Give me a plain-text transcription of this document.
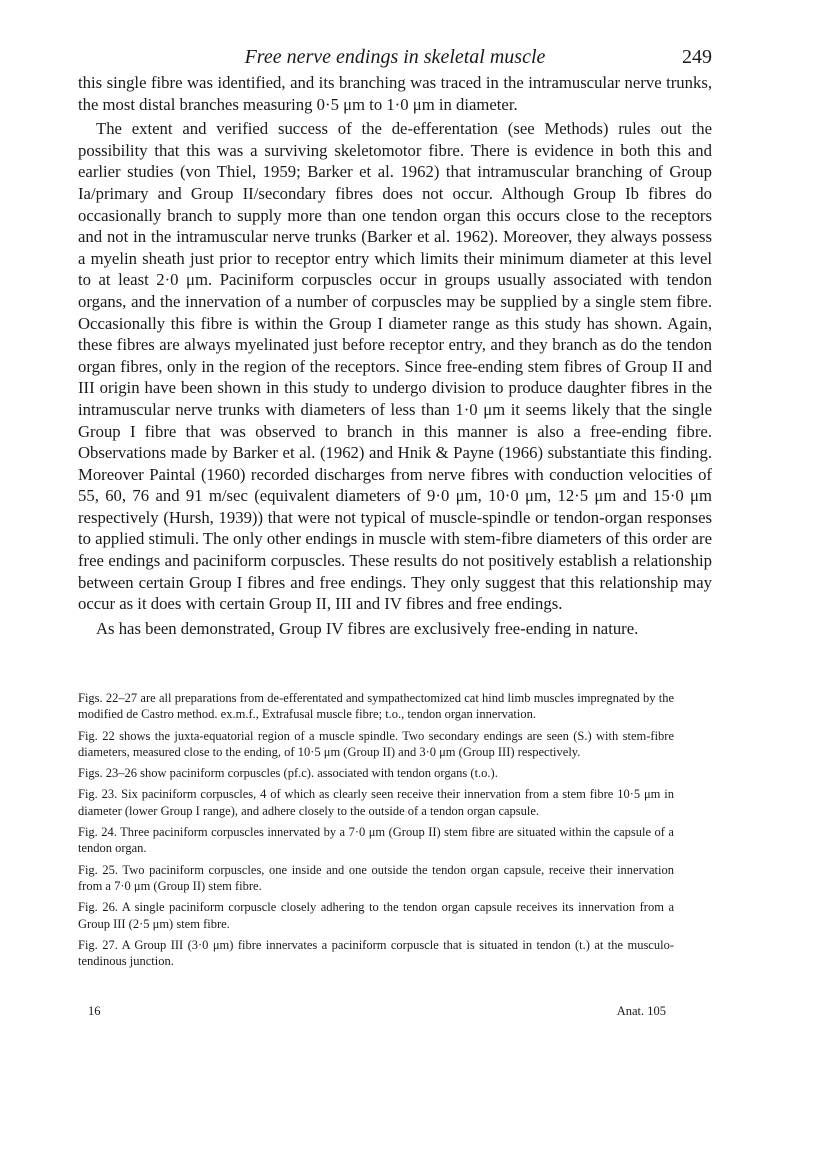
Free nerve endings in skeletal muscle	249

this single fibre was identified, and its branching was traced in the intramuscular nerve trunks, the most distal branches measuring 0·5 μm to 1·0 μm in diameter.

The extent and verified success of the de-efferentation (see Methods) rules out the possibility that this was a surviving skeletomotor fibre. There is evidence in both this and earlier studies (von Thiel, 1959; Barker et al. 1962) that intramuscular branching of Group Ia/primary and Group II/secondary fibres does not occur. Although Group Ib fibres do occasionally branch to supply more than one tendon organ this occurs close to the receptors and not in the intramuscular nerve trunks (Barker et al. 1962). Moreover, they always possess a myelin sheath just prior to receptor entry which limits their minimum diameter at this level to at least 2·0 μm. Paciniform corpuscles occur in groups usually associated with tendon organs, and the innervation of a number of corpuscles may be supplied by a single stem fibre. Occasionally this fibre is within the Group I diameter range as this study has shown. Again, these fibres are always myelinated just before receptor entry, and they branch as do the tendon organ fibres, only in the region of the receptors. Since free-ending stem fibres of Group II and III origin have been shown in this study to undergo division to produce daughter fibres in the intramuscular nerve trunks with diameters of less than 1·0 μm it seems likely that the single Group I fibre that was observed to branch in this manner is also a free-ending fibre. Observations made by Barker et al. (1962) and Hnik & Payne (1966) substantiate this finding. Moreover Paintal (1960) recorded discharges from nerve fibres with conduction velocities of 55, 60, 76 and 91 m/sec (equivalent diameters of 9·0 μm, 10·0 μm, 12·5 μm and 15·0 μm respectively (Hursh, 1939)) that were not typical of muscle-spindle or tendon-organ responses to applied stimuli. The only other endings in muscle with stem-fibre diameters of this order are free endings and paciniform corpuscles. These results do not positively establish a relationship between certain Group I fibres and free endings. They only suggest that this relationship may occur as it does with certain Group II, III and IV fibres and free endings.

As has been demonstrated, Group IV fibres are exclusively free-ending in nature.

Figs. 22–27 are all preparations from de-efferentated and sympathectomized cat hind limb muscles impregnated by the modified de Castro method. ex.m.f., Extrafusal muscle fibre; t.o., tendon organ innervation.

Fig. 22 shows the juxta-equatorial region of a muscle spindle. Two secondary endings are seen (S.) with stem-fibre diameters, measured close to the ending, of 10·5 μm (Group II) and 3·0 μm (Group III) respectively.

Figs. 23–26 show paciniform corpuscles (pf.c). associated with tendon organs (t.o.).

Fig. 23. Six paciniform corpuscles, 4 of which as clearly seen receive their innervation from a stem fibre 10·5 μm in diameter (lower Group I range), and adhere closely to the outside of a tendon organ capsule.

Fig. 24. Three paciniform corpuscles innervated by a 7·0 μm (Group II) stem fibre are situated within the capsule of a tendon organ.

Fig. 25. Two paciniform corpuscles, one inside and one outside the tendon organ capsule, receive their innervation from a 7·0 μm (Group II) stem fibre.

Fig. 26. A single paciniform corpuscle closely adhering to the tendon organ capsule receives its innervation from a Group III (2·5 μm) stem fibre.

Fig. 27. A Group III (3·0 μm) fibre innervates a paciniform corpuscle that is situated in tendon (t.) at the musculo-tendinous junction.

16	Anat. 105
